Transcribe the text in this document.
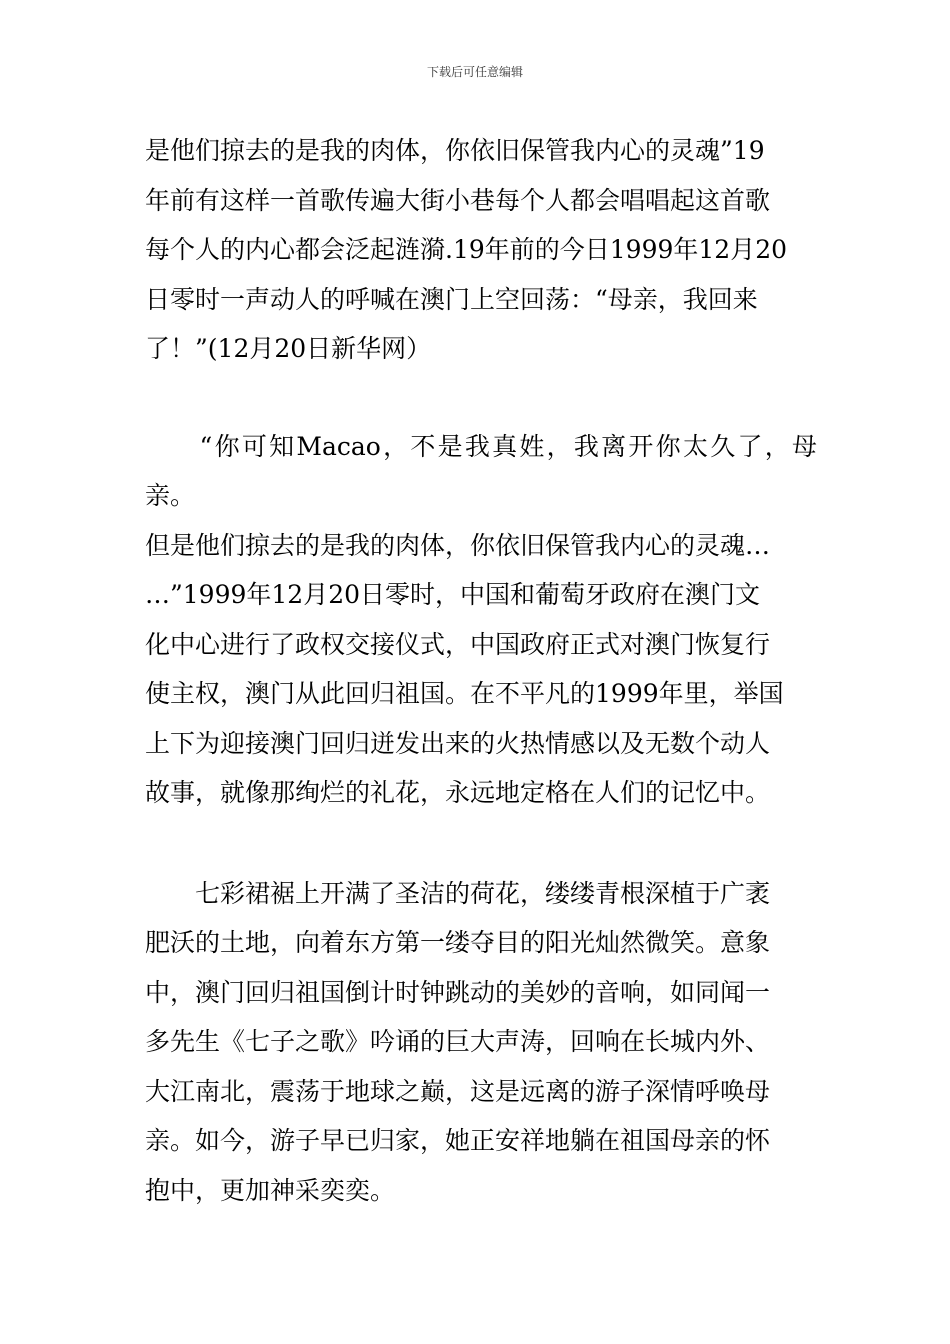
下载后可任意编辑

是他们掠去的是我的肉体，你依旧保管我内心的灵魂”19
年前有这样一首歌传遍大街小巷每个人都会唱唱起这首歌
每个人的内心都会泛起涟漪.19年前的今日1999年12月20
日零时一声动人的呼喊在澳门上空回荡：“母亲，我回来
了！”(12月20日新华网）

　　“你可知Macao，不是我真姓，我离开你太久了，母亲。
但是他们掠去的是我的肉体，你依旧保管我内心的灵魂…
…”1999年12月20日零时，中国和葡萄牙政府在澳门文
化中心进行了政权交接仪式，中国政府正式对澳门恢复行
使主权，澳门从此回归祖国。在不平凡的1999年里，举国
上下为迎接澳门回归迸发出来的火热情感以及无数个动人
故事，就像那绚烂的礼花，永远地定格在人们的记忆中。

　　七彩裙裾上开满了圣洁的荷花，缕缕青根深植于广袤
肥沃的土地，向着东方第一缕夺目的阳光灿然微笑。意象
中，澳门回归祖国倒计时钟跳动的美妙的音响，如同闻一
多先生《七子之歌》吟诵的巨大声涛，回响在长城内外、
大江南北，震荡于地球之巅，这是远离的游子深情呼唤母
亲。如今，游子早已归家，她正安祥地躺在祖国母亲的怀
抱中，更加神采奕奕。
